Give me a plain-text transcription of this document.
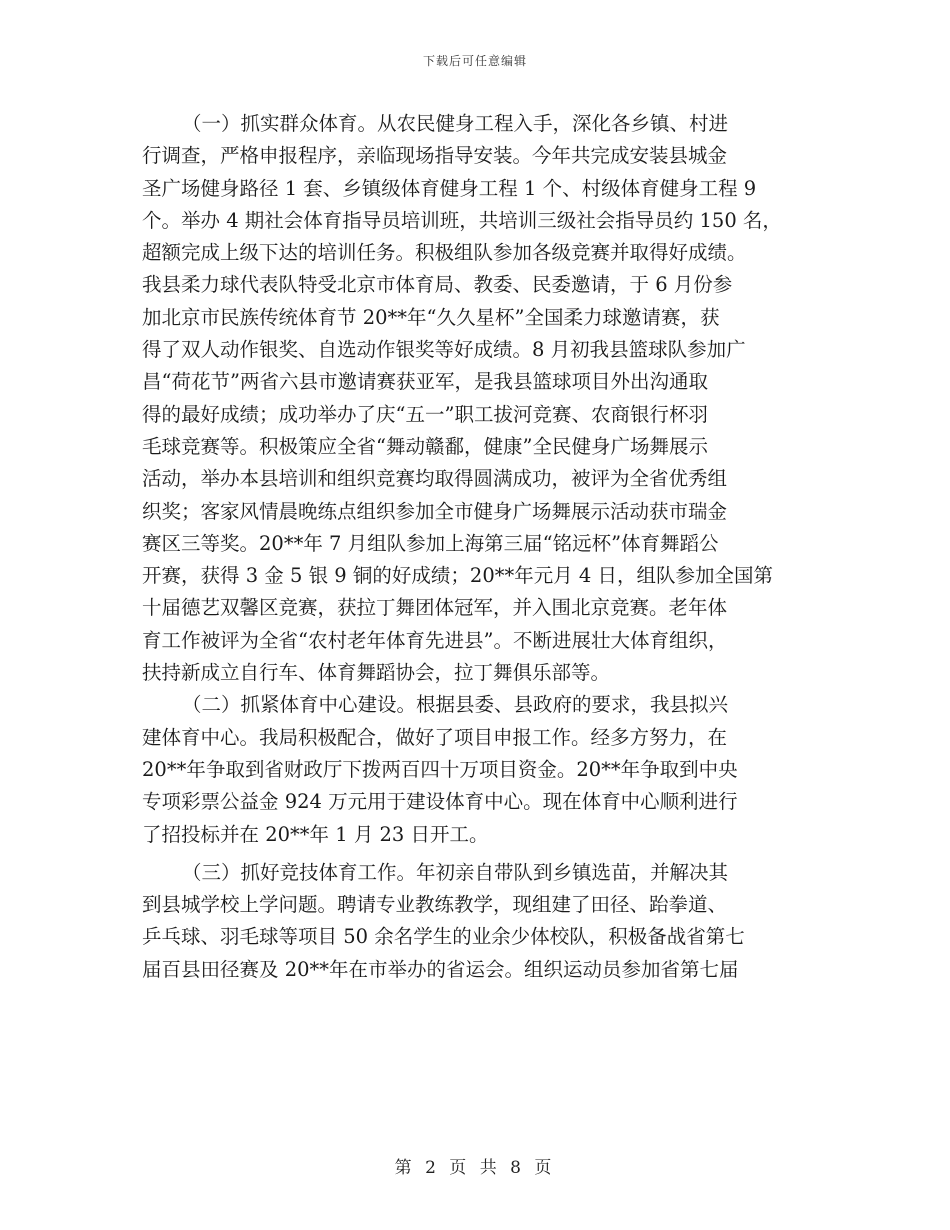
下载后可任意编辑
（一）抓实群众体育。从农民健身工程入手，深化各乡镇、村进
行调查，严格申报程序，亲临现场指导安装。今年共完成安装县城金
圣广场健身路径 1 套、乡镇级体育健身工程 1 个、村级体育健身工程 9
个。举办 4 期社会体育指导员培训班，共培训三级社会指导员约 150 名，
超额完成上级下达的培训任务。积极组队参加各级竞赛并取得好成绩。
我县柔力球代表队特受北京市体育局、教委、民委邀请，于 6 月份参
加北京市民族传统体育节 20**年“久久星杯”全国柔力球邀请赛，获
得了双人动作银奖、自选动作银奖等好成绩。8 月初我县篮球队参加广
昌“荷花节”两省六县市邀请赛获亚军，是我县篮球项目外出沟通取
得的最好成绩；成功举办了庆“五一”职工拔河竞赛、农商银行杯羽
毛球竞赛等。积极策应全省“舞动赣鄱，健康”全民健身广场舞展示
活动，举办本县培训和组织竞赛均取得圆满成功，被评为全省优秀组
织奖；客家风情晨晚练点组织参加全市健身广场舞展示活动获市瑞金
赛区三等奖。20**年 7 月组队参加上海第三届“铭远杯”体育舞蹈公
开赛，获得 3 金 5 银 9 铜的好成绩；20**年元月 4 日，组队参加全国第
十届德艺双馨区竞赛，获拉丁舞团体冠军，并入围北京竞赛。老年体
育工作被评为全省“农村老年体育先进县”。不断进展壮大体育组织，
扶持新成立自行车、体育舞蹈协会，拉丁舞俱乐部等。
（二）抓紧体育中心建设。根据县委、县政府的要求，我县拟兴
建体育中心。我局积极配合，做好了项目申报工作。经多方努力，在
20**年争取到省财政厅下拨两百四十万项目资金。20**年争取到中央
专项彩票公益金 924 万元用于建设体育中心。现在体育中心顺利进行
了招投标并在 20**年 1 月 23 日开工。
（三）抓好竞技体育工作。年初亲自带队到乡镇选苗，并解决其
到县城学校上学问题。聘请专业教练教学，现组建了田径、跆拳道、
乒乓球、羽毛球等项目 50 余名学生的业余少体校队，积极备战省第七
届百县田径赛及 20**年在市举办的省运会。组织运动员参加省第七届
第 2 页 共 8 页
